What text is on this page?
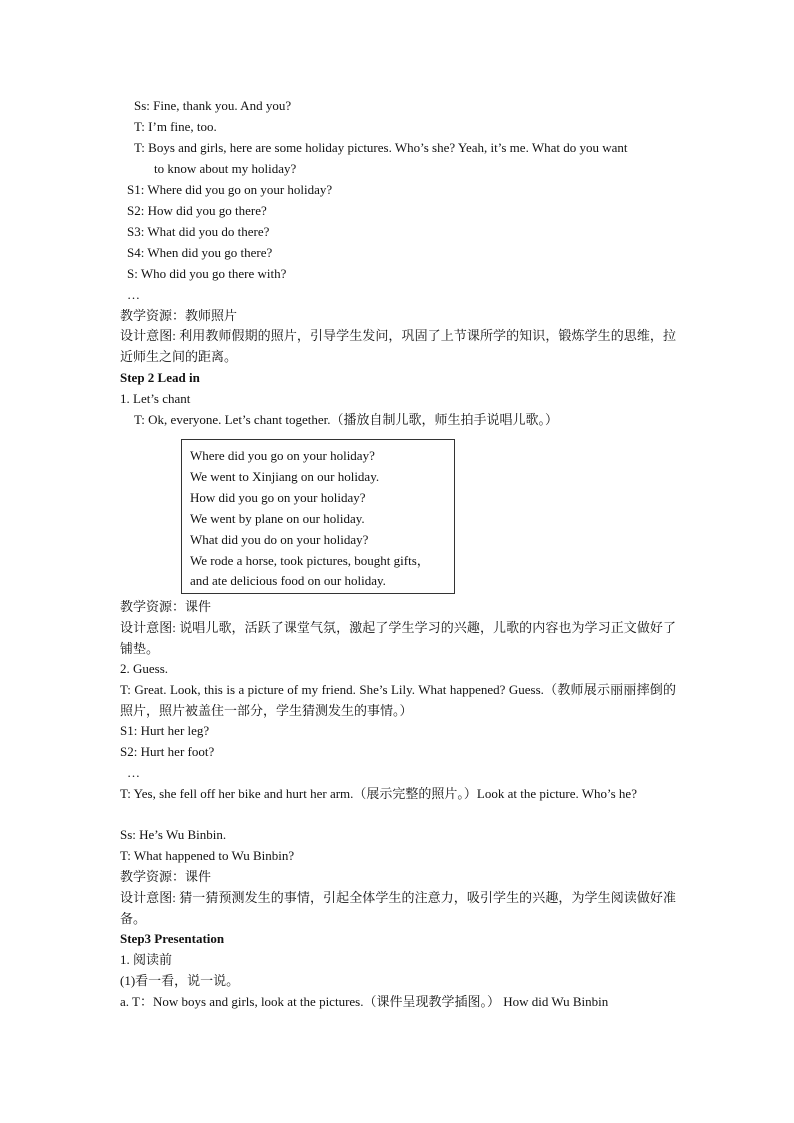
Ss: Fine, thank you. And you?
T: I’m fine, too.
T: Boys and girls, here are some holiday pictures. Who’s she? Yeah, it’s me. What do you want
to know about my holiday?
S1: Where did you go on your holiday?
S2: How did you go there?
S3: What did you do there?
S4: When did you go there?
S: Who did you go there with?
…
教学资源：教师照片
设计意图: 利用教师假期的照片，引导学生发问，巩固了上节课所学的知识，锻炼学生的思维，拉近师生之间的距离。
Step 2 Lead in
1. Let’s chant
T: Ok, everyone. Let’s chant together.（播放自制儿歌，师生拍手说唱儿歌。）
Where did you go on your holiday?
We went to Xinjiang on our holiday.
How did you go on your holiday?
We went by plane on our holiday.
What did you do on your holiday?
We rode a horse, took pictures, bought gifts，
and ate delicious food on our holiday.
教学资源：课件
设计意图: 说唱儿歌，活跃了课堂气氛，激起了学生学习的兴趣，儿歌的内容也为学习正文做好了铺垫。
2. Guess.
T: Great. Look, this is a picture of my friend. She’s Lily. What happened? Guess.（教师展示丽丽摔倒的照片，照片被盖住一部分，学生猜测发生的事情。）
S1: Hurt her leg?
S2: Hurt her foot?
…
T: Yes, she fell off her bike and hurt her arm.（展示完整的照片。）Look at the picture. Who’s he?
Ss: He’s Wu Binbin.
T: What happened to Wu Binbin?
教学资源：课件
设计意图: 猜一猜预测发生的事情，引起全体学生的注意力，吸引学生的兴趣，为学生阅读做好准备。
Step3 Presentation
1. 阅读前
(1)看一看，说一说。
a. T：Now boys and girls, look at the pictures.（课件呈现教学插图。） How did Wu Binbin
